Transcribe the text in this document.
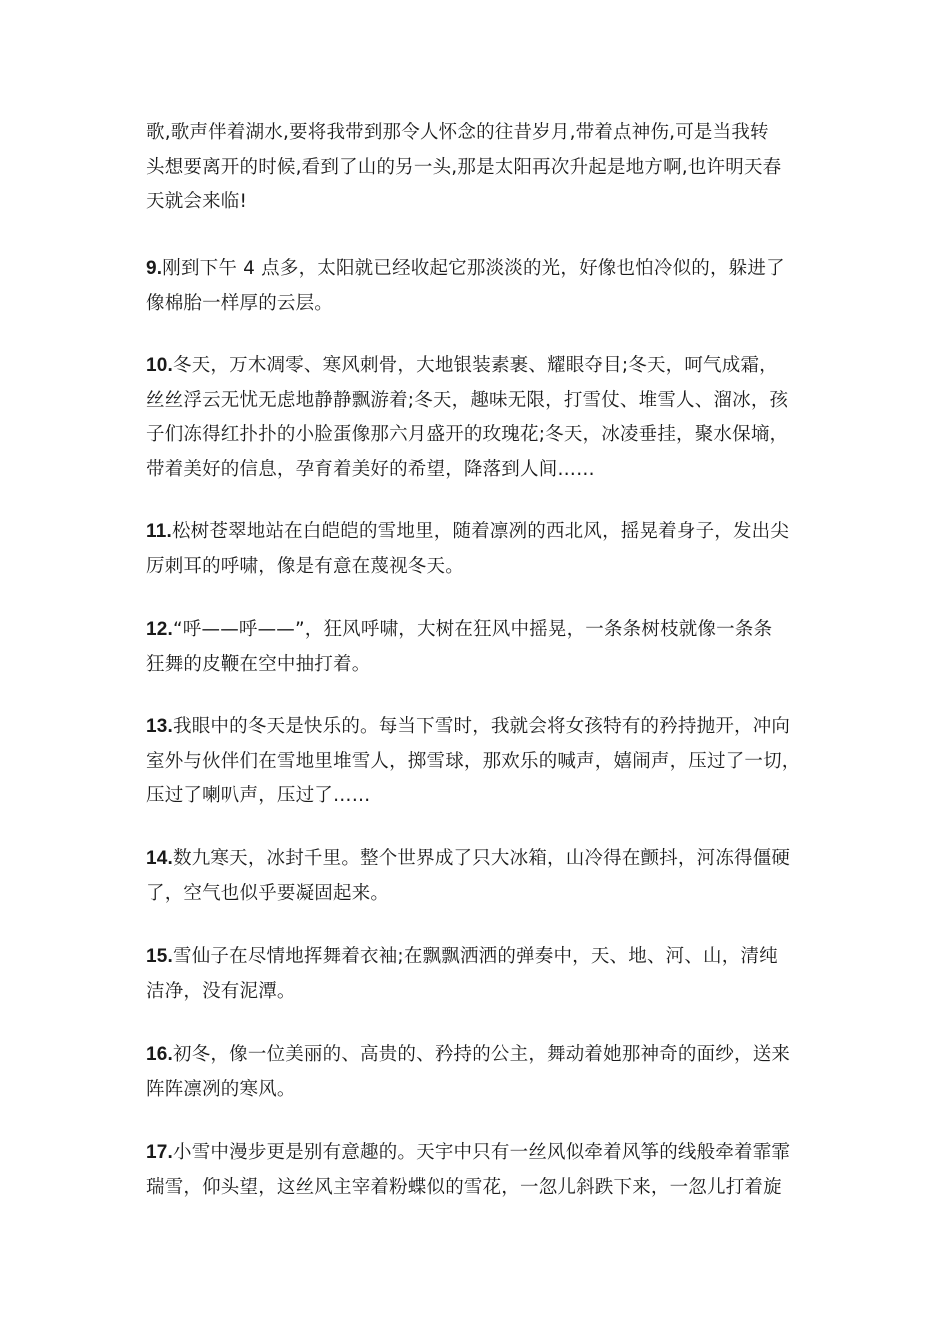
歌,歌声伴着湖水,要将我带到那令人怀念的往昔岁月,带着点神伤,可是当我转
头想要离开的时候,看到了山的另一头,那是太阳再次升起是地方啊,也许明天春
天就会来临!
9.刚到下午 4 点多，太阳就已经收起它那淡淡的光，好像也怕冷似的，躲进了
像棉胎一样厚的云层。
10.冬天，万木凋零、寒风刺骨，大地银装素裹、耀眼夺目;冬天，呵气成霜，
丝丝浮云无忧无虑地静静飘游着;冬天，趣味无限，打雪仗、堆雪人、溜冰，孩
子们冻得红扑扑的小脸蛋像那六月盛开的玫瑰花;冬天，冰凌垂挂，聚水保墒，
带着美好的信息，孕育着美好的希望，降落到人间……
11.松树苍翠地站在白皑皑的雪地里，随着凛冽的西北风，摇晃着身子，发出尖
厉刺耳的呼啸，像是有意在蔑视冬天。
12.“呼——呼——”，狂风呼啸，大树在狂风中摇晃，一条条树枝就像一条条
狂舞的皮鞭在空中抽打着。
13.我眼中的冬天是快乐的。每当下雪时，我就会将女孩特有的矜持抛开，冲向
室外与伙伴们在雪地里堆雪人，掷雪球，那欢乐的喊声，嬉闹声，压过了一切，
压过了喇叭声，压过了……
14.数九寒天，冰封千里。整个世界成了只大冰箱，山冷得在颤抖，河冻得僵硬
了，空气也似乎要凝固起来。
15.雪仙子在尽情地挥舞着衣袖;在飘飘洒洒的弹奏中，天、地、河、山，清纯
洁净，没有泥潭。
16.初冬，像一位美丽的、高贵的、矜持的公主，舞动着她那神奇的面纱，送来
阵阵凛冽的寒风。
17.小雪中漫步更是别有意趣的。天宇中只有一丝风似牵着风筝的线般牵着霏霏
瑞雪，仰头望，这丝风主宰着粉蝶似的雪花，一忽儿斜跌下来，一忽儿打着旋
